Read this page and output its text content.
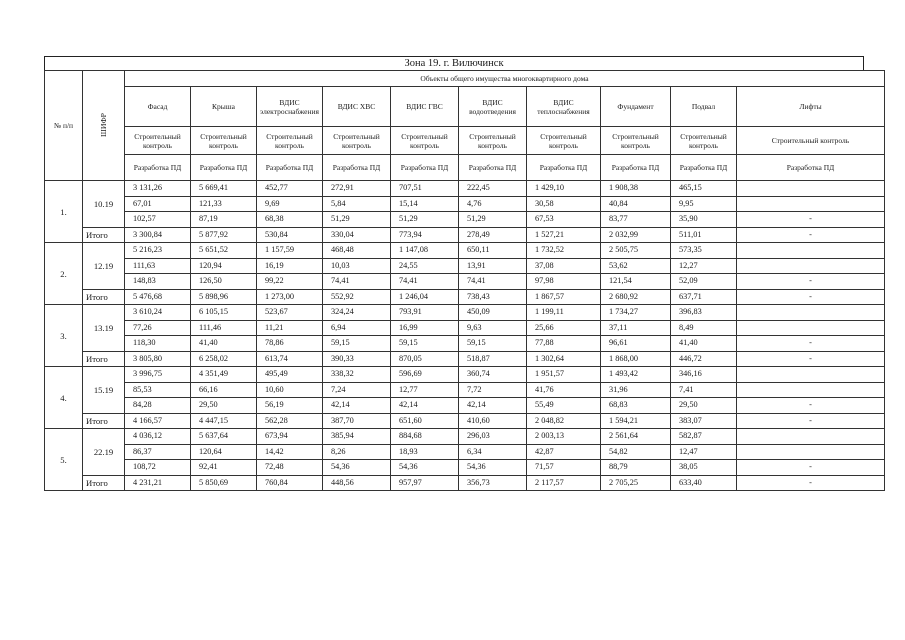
Зона 19. г. Вилючинск
№ п/п	ШИФР	Объекты общего имущества многоквартирного дома									
		Фасад	Крыша	ВДИС электроснабжения	ВДИС ХВС	ВДИС ГВС	ВДИС водоотведения	ВДИС теплоснабжения	Фундамент	Подвал	Лифты
		Строительный контроль	Строительный контроль	Строительный контроль	Строительный контроль	Строительный контроль	Строительный контроль	Строительный контроль	Строительный контроль	Строительный контроль	Строительный контроль
		Разработка ПД	Разработка ПД	Разработка ПД	Разработка ПД	Разработка ПД	Разработка ПД	Разработка ПД	Разработка ПД	Разработка ПД	Разработка ПД
1.	10.19	3 131,26	5 669,41	452,77	272,91	707,51	222,45	1 429,10	1 908,38	465,15	
		67,01	121,33	9,69	5,84	15,14	4,76	30,58	40,84	9,95	
		102,57	87,19	68,38	51,29	51,29	51,29	67,53	83,77	35,90	-
	Итого	3 300,84	5 877,92	530,84	330,04	773,94	278,49	1 527,21	2 032,99	511,01	-
2.	12.19	5 216,23	5 651,52	1 157,59	468,48	1 147,08	650,11	1 732,52	2 505,75	573,35	
		111,63	120,94	16,19	10,03	24,55	13,91	37,08	53,62	12,27	
		148,83	126,50	99,22	74,41	74,41	74,41	97,98	121,54	52,09	-
	Итого	5 476,68	5 898,96	1 273,00	552,92	1 246,04	738,43	1 867,57	2 680,92	637,71	-
3.	13.19	3 610,24	6 105,15	523,67	324,24	793,91	450,09	1 199,11	1 734,27	396,83	
		77,26	111,46	11,21	6,94	16,99	9,63	25,66	37,11	8,49	
		118,30	41,40	78,86	59,15	59,15	59,15	77,88	96,61	41,40	-
	Итого	3 805,80	6 258,02	613,74	390,33	870,05	518,87	1 302,64	1 868,00	446,72	-
4.	15.19	3 996,75	4 351,49	495,49	338,32	596,69	360,74	1 951,57	1 493,42	346,16	
		85,53	66,16	10,60	7,24	12,77	7,72	41,76	31,96	7,41	
		84,28	29,50	56,19	42,14	42,14	42,14	55,49	68,83	29,50	-
	Итого	4 166,57	4 447,15	562,28	387,70	651,60	410,60	2 048,82	1 594,21	383,07	-
5.	22.19	4 036,12	5 637,64	673,94	385,94	884,68	296,03	2 003,13	2 561,64	582,87	
		86,37	120,64	14,42	8,26	18,93	6,34	42,87	54,82	12,47	
		108,72	92,41	72,48	54,36	54,36	54,36	71,57	88,79	38,05	-
	Итого	4 231,21	5 850,69	760,84	448,56	957,97	356,73	2 117,57	2 705,25	633,40	-
